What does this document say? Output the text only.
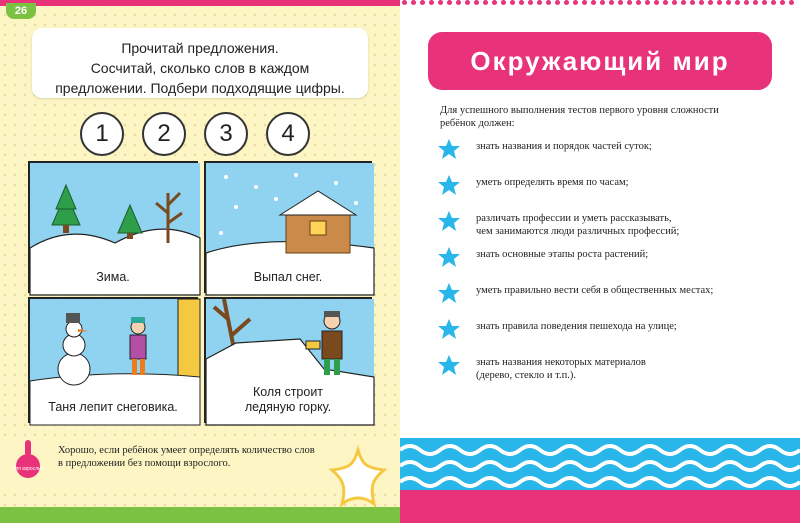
26
Прочитай предложения.
Сосчитай, сколько слов в каждом
предложении. Подбери подходящие цифры.
1	2	3	4
Зима.	Выпал снег.
Таня лепит снеговика.
Коля строит
ледяную горку.
Для взрослых
Хорошо, если ребёнок умеет определять количество слов
в предложении без помощи взрослого.
Окружающий мир
Для успешного выполнения тестов первого уровня сложности
ребёнок должен:
знать названия и порядок частей суток;
уметь определять время по часам;
различать профессии и уметь рассказывать,
чем занимаются люди различных профессий;
знать основные этапы роста растений;
уметь правильно вести себя в общественных местах;
знать правила поведения пешехода на улице;
знать названия некоторых материалов
(дерево, стекло и т.п.).
